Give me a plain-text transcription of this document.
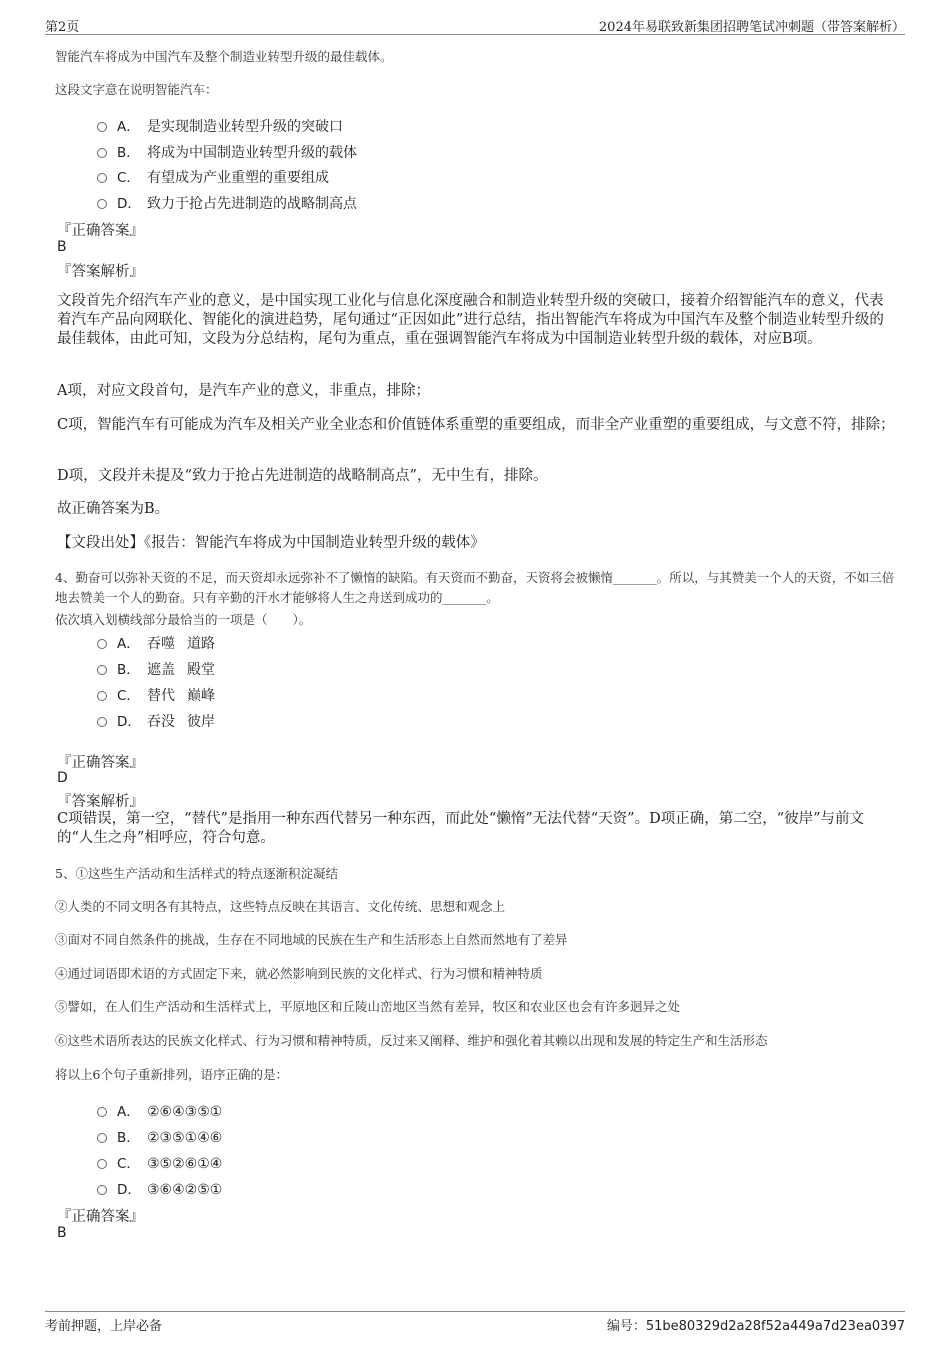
第2页	2024年易联致新集团招聘笔试冲刺题（带答案解析）
智能汽车将成为中国汽车及整个制造业转型升级的最佳载体。
这段文字意在说明智能汽车：
A． 是实现制造业转型升级的突破口
B． 将成为中国制造业转型升级的载体
C． 有望成为产业重塑的重要组成
D． 致力于抢占先进制造的战略制高点
『正确答案』
B
『答案解析』
文段首先介绍汽车产业的意义，是中国实现工业化与信息化深度融合和制造业转型升级的突破口，接着介绍智能汽车的意义，代表着汽车产品向网联化、智能化的演进趋势，尾句通过“正因如此”进行总结，指出智能汽车将成为中国汽车及整个制造业转型升级的最佳载体，由此可知，文段为分总结构，尾句为重点，重在强调智能汽车将成为中国制造业转型升级的载体，对应B项。
A项，对应文段首句，是汽车产业的意义，非重点，排除；
C项，智能汽车有可能成为汽车及相关产业全业态和价值链体系重塑的重要组成，而非全产业重塑的重要组成，与文意不符，排除；
D项，文段并未提及“致力于抢占先进制造的战略制高点”，无中生有，排除。
故正确答案为B。
【文段出处】《报告：智能汽车将成为中国制造业转型升级的载体》
4、勤奋可以弥补天资的不足，而天资却永远弥补不了懒惰的缺陷。有天资而不勤奋，天资将会被懒惰_______。所以，与其赞美一个人的天资，不如三倍地去赞美一个人的勤奋。只有辛勤的汗水才能够将人生之舟送到成功的_______。
依次填入划横线部分最恰当的一项是（　　）。
A． 吞噬 道路
B． 遮盖 殿堂
C． 替代 巅峰
D． 吞没 彼岸
『正确答案』
D
『答案解析』
C项错误，第一空，“替代”是指用一种东西代替另一种东西，而此处“懒惰”无法代替“天资”。D项正确，第二空，“彼岸”与前文的“人生之舟”相呼应，符合句意。
5、①这些生产活动和生活样式的特点逐渐积淀凝结
②人类的不同文明各有其特点，这些特点反映在其语言、文化传统、思想和观念上
③面对不同自然条件的挑战，生存在不同地域的民族在生产和生活形态上自然而然地有了差异
④通过词语即术语的方式固定下来，就必然影响到民族的文化样式、行为习惯和精神特质
⑤譬如，在人们生产活动和生活样式上，平原地区和丘陵山峦地区当然有差异，牧区和农业区也会有许多迥异之处
⑥这些术语所表达的民族文化样式、行为习惯和精神特质，反过来又阐释、维护和强化着其赖以出现和发展的特定生产和生活形态
将以上6个句子重新排列，语序正确的是：
A． ②⑥④③⑤①
B． ②③⑤①④⑥
C． ③⑤②⑥①④
D． ③⑥④②⑤①
『正确答案』
B
考前押题，上岸必备	编号：51be80329d2a28f52a449a7d23ea0397
